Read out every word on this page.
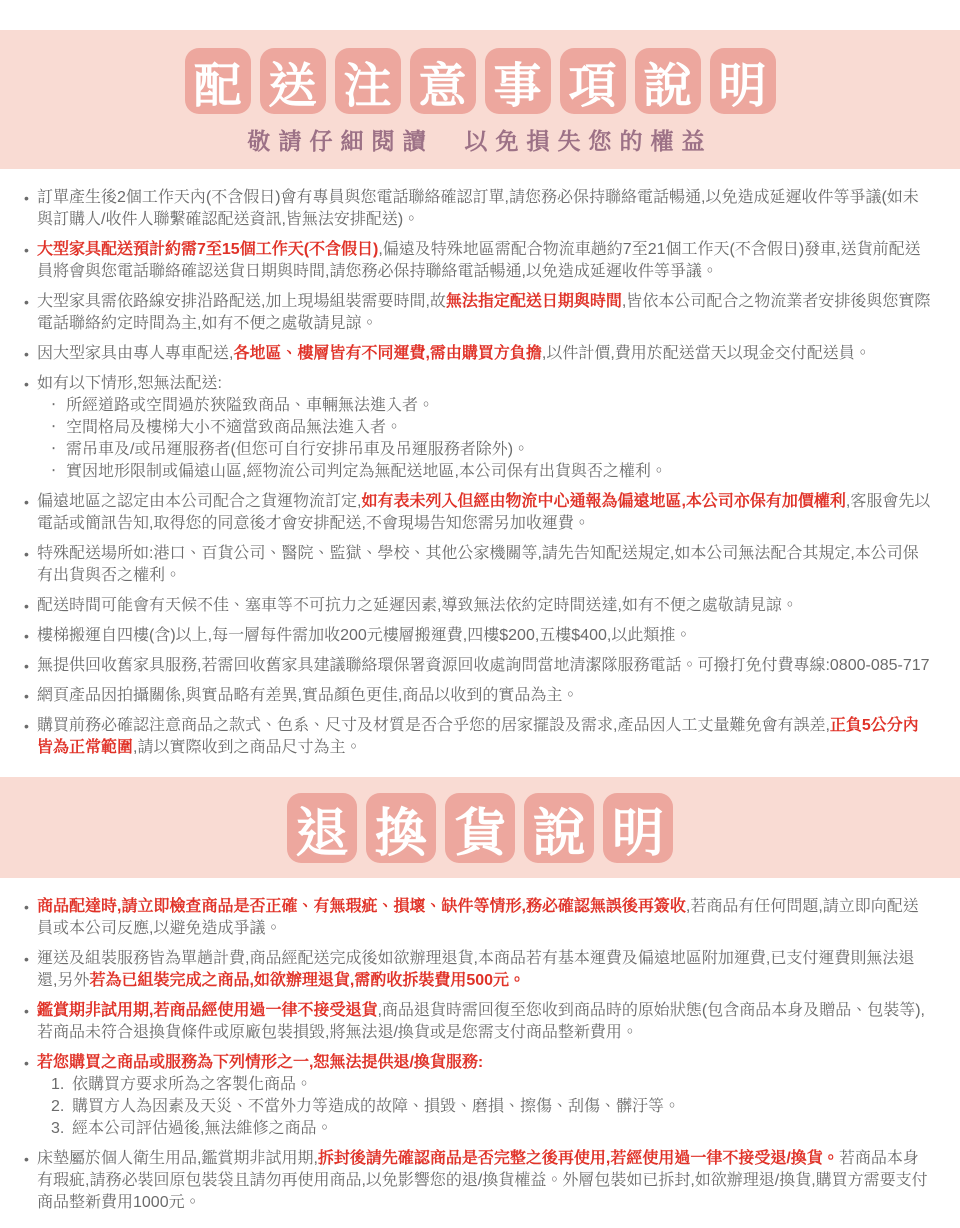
配 送 注 意 事 項 說 明
敬請仔細閱讀　以免損失您的權益
• 訂單產生後2個工作天內(不含假日)會有專員與您電話聯絡確認訂單,請您務必保持聯絡電話暢通,以免造成延遲收件等爭議(如未與訂購人/收件人聯繫確認配送資訊,皆無法安排配送)。
• 大型家具配送預計約需7至15個工作天(不含假日),偏遠及特殊地區需配合物流車趟約7至21個工作天(不含假日)發車,送貨前配送員將會與您電話聯絡確認送貨日期與時間,請您務必保持聯絡電話暢通,以免造成延遲收件等爭議。
• 大型家具需依路線安排沿路配送,加上現場組裝需要時間,故無法指定配送日期與時間,皆依本公司配合之物流業者安排後與您實際電話聯絡約定時間為主,如有不便之處敬請見諒。
• 因大型家具由專人專車配送,各地區、樓層皆有不同運費,需由購買方負擔,以件計價,費用於配送當天以現金交付配送員。
• 如有以下情形,恕無法配送:
‧ 所經道路或空間過於狹隘致商品、車輛無法進入者。
‧ 空間格局及樓梯大小不適當致商品無法進入者。
‧ 需吊車及/或吊運服務者(但您可自行安排吊車及吊運服務者除外)。
‧ 實因地形限制或偏遠山區,經物流公司判定為無配送地區,本公司保有出貨與否之權利。
• 偏遠地區之認定由本公司配合之貨運物流訂定,如有表未列入但經由物流中心通報為偏遠地區,本公司亦保有加價權利,客服會先以電話或簡訊告知,取得您的同意後才會安排配送,不會現場告知您需另加收運費。
• 特殊配送場所如:港口、百貨公司、醫院、監獄、學校、其他公家機關等,請先告知配送規定,如本公司無法配合其規定,本公司保有出貨與否之權利。
• 配送時間可能會有天候不佳、塞車等不可抗力之延遲因素,導致無法依約定時間送達,如有不便之處敬請見諒。
• 樓梯搬運自四樓(含)以上,每一層每件需加收200元樓層搬運費,四樓$200,五樓$400,以此類推。
• 無提供回收舊家具服務,若需回收舊家具建議聯絡環保署資源回收處詢問當地清潔隊服務電話。可撥打免付費專線:0800-085-717
• 網頁產品因拍攝關係,與實品略有差異,實品顏色更佳,商品以收到的實品為主。
• 購買前務必確認注意商品之款式、色系、尺寸及材質是否合乎您的居家擺設及需求,產品因人工丈量難免會有誤差,正負5公分內皆為正常範圍,請以實際收到之商品尺寸為主。
退 換 貨 說 明
• 商品配達時,請立即檢查商品是否正確、有無瑕疵、損壞、缺件等情形,務必確認無誤後再簽收,若商品有任何問題,請立即向配送員或本公司反應,以避免造成爭議。
• 運送及組裝服務皆為單趟計費,商品經配送完成後如欲辦理退貨,本商品若有基本運費及偏遠地區附加運費,已支付運費則無法退還,另外若為已組裝完成之商品,如欲辦理退貨,需酌收拆裝費用500元。
• 鑑賞期非試用期,若商品經使用過一律不接受退貨,商品退貨時需回復至您收到商品時的原始狀態(包含商品本身及贈品、包裝等),若商品未符合退換貨條件或原廠包裝損毀,將無法退/換貨或是您需支付商品整新費用。
• 若您購買之商品或服務為下列情形之一,恕無法提供退/換貨服務:
1. 依購買方要求所為之客製化商品。
2. 購買方人為因素及天災、不當外力等造成的故障、損毀、磨損、擦傷、刮傷、髒汙等。
3. 經本公司評估過後,無法維修之商品。
• 床墊屬於個人衛生用品,鑑賞期非試用期,拆封後請先確認商品是否完整之後再使用,若經使用過一律不接受退/換貨。若商品本身有瑕疵,請務必裝回原包裝袋且請勿再使用商品,以免影響您的退/換貨權益。外層包裝如已拆封,如欲辦理退/換貨,購買方需要支付商品整新費用1000元。
